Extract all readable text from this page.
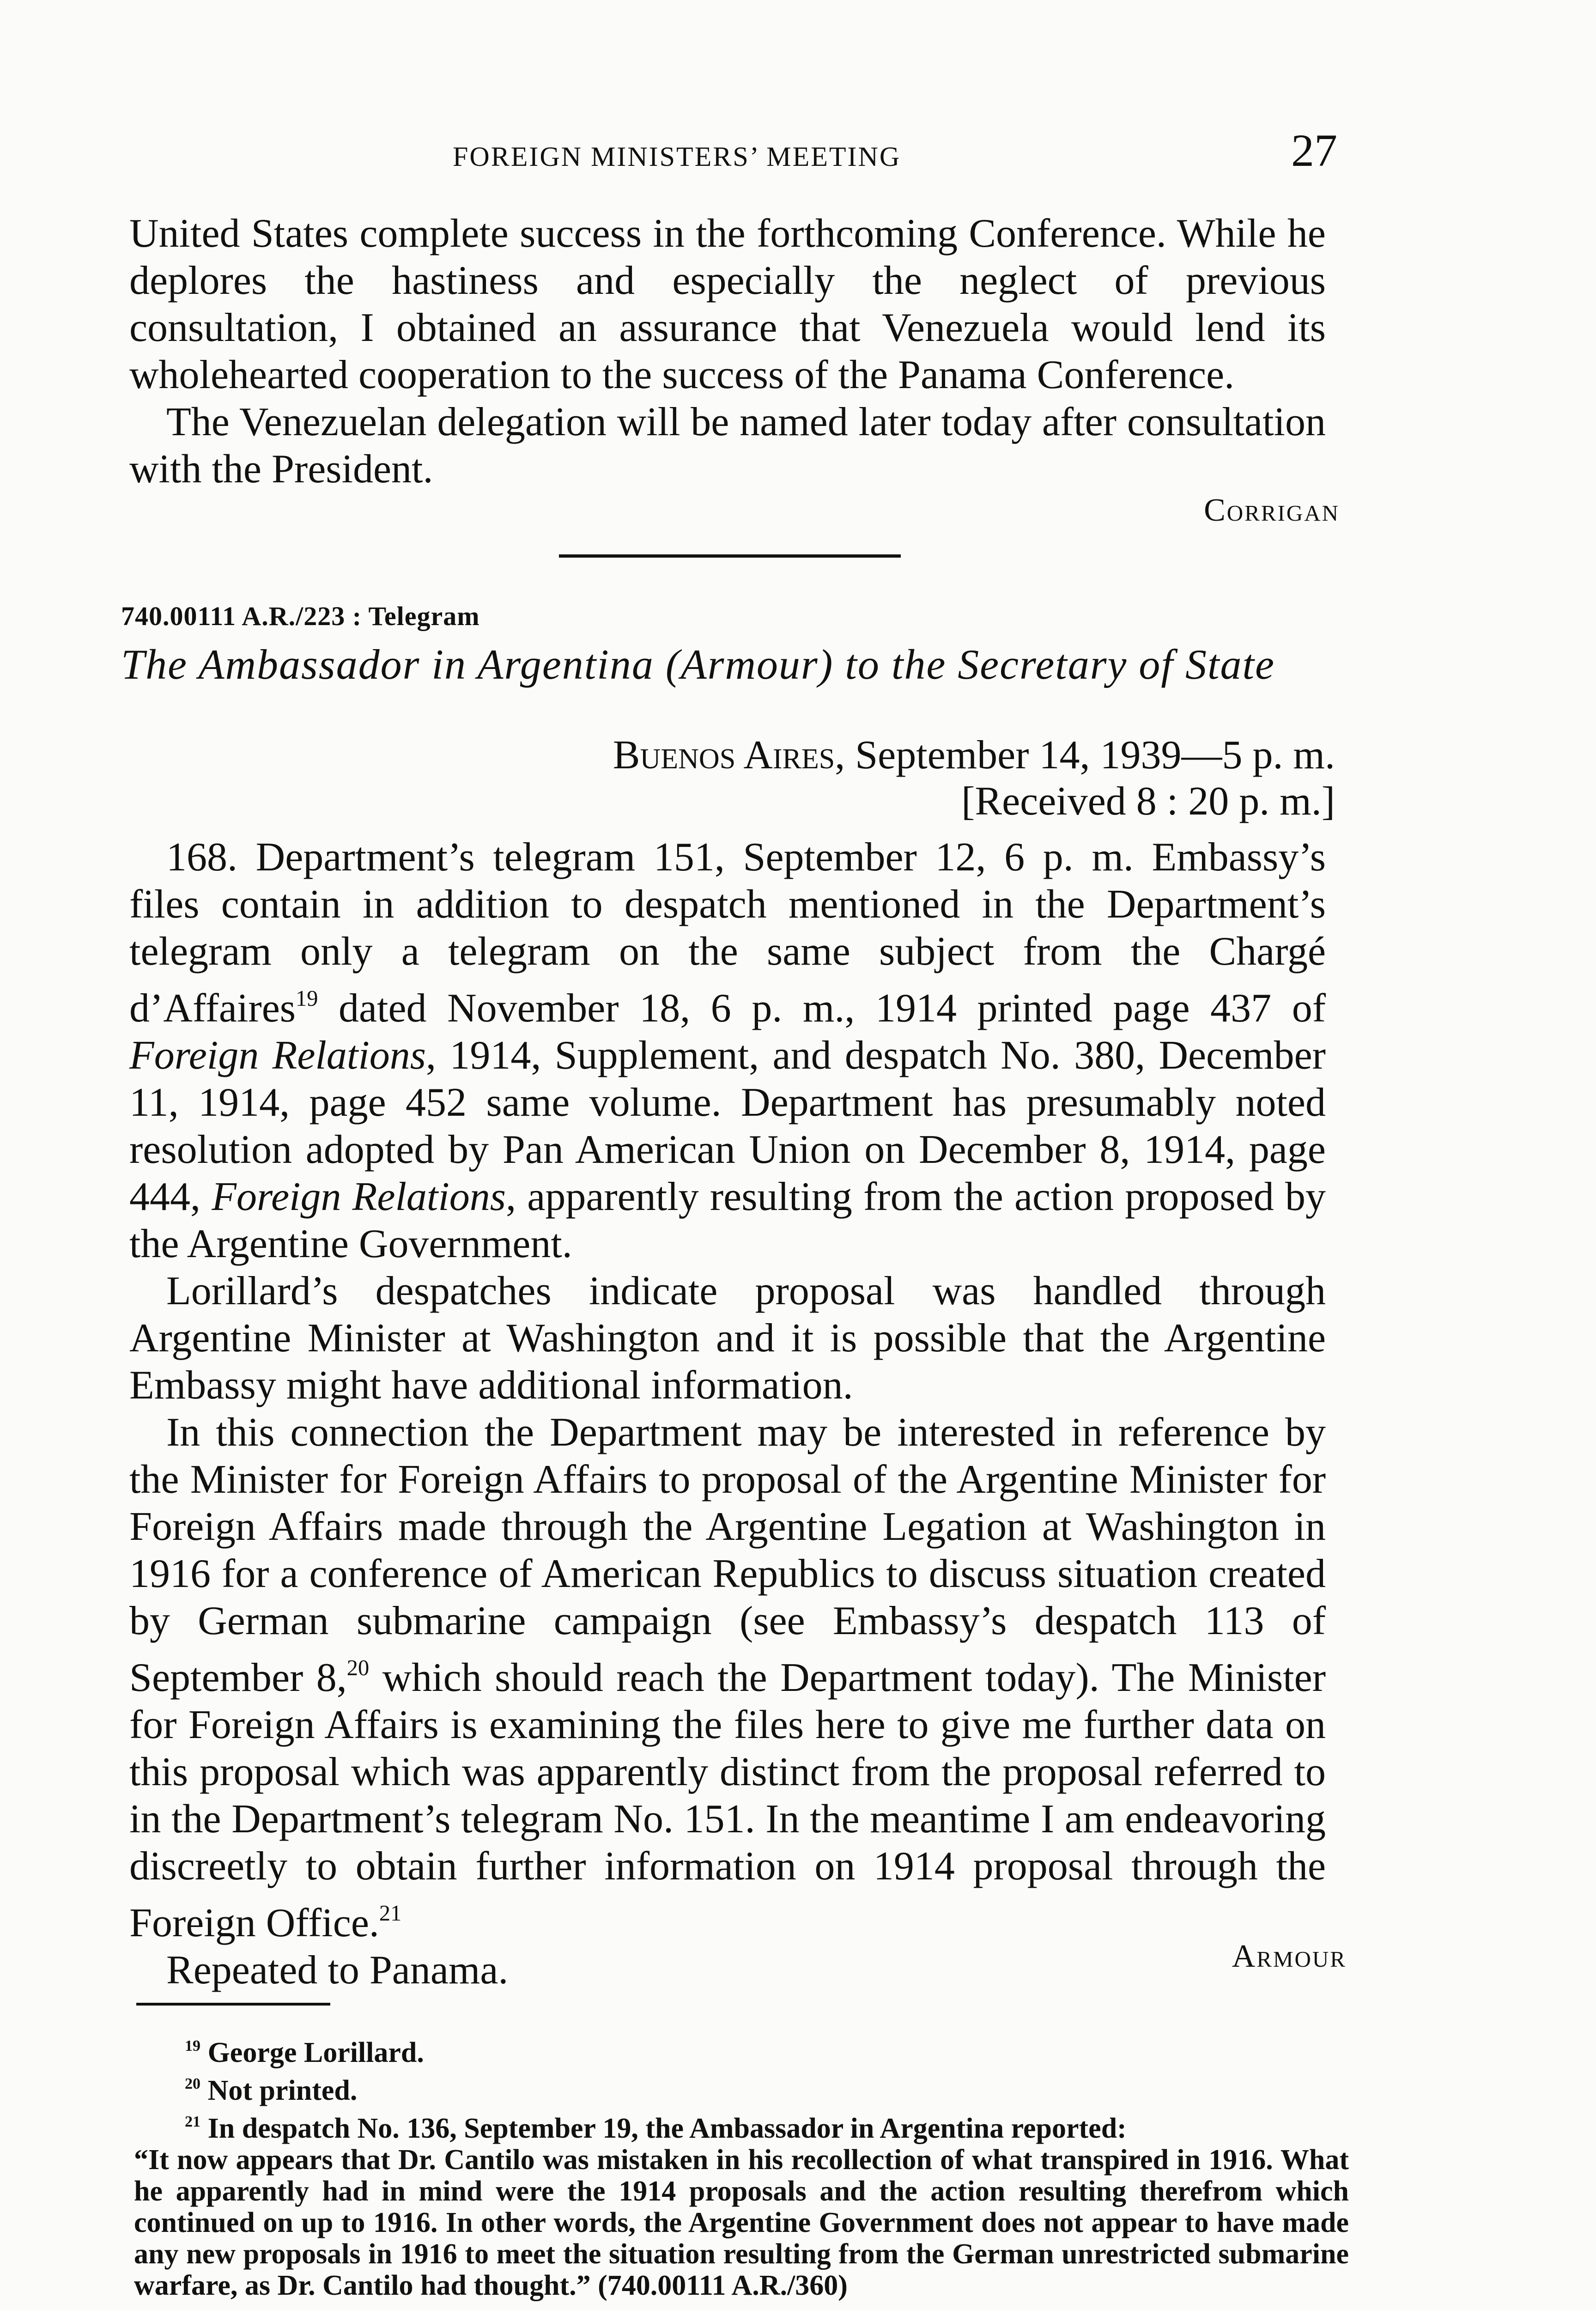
FOREIGN MINISTERS’ MEETING	27

United States complete success in the forthcoming Conference. While he deplores the hastiness and especially the neglect of previous consultation, I obtained an assurance that Venezuela would lend its wholehearted cooperation to the success of the Panama Conference.

The Venezuelan delegation will be named later today after consultation with the President.

Corrigan
740.00111 A.R./223 : Telegram
The Ambassador in Argentina (Armour) to the Secretary of State
Buenos Aires, September 14, 1939—5 p. m.
[Received 8 : 20 p. m.]

168. Department’s telegram 151, September 12, 6 p. m. Embassy’s files contain in addition to despatch mentioned in the Department’s telegram only a telegram on the same subject from the Chargé d’Affaires$^{19}$ dated November 18, 6 p. m., 1914 printed page 437 of Foreign Relations, 1914, Supplement, and despatch No. 380, December 11, 1914, page 452 same volume. Department has presumably noted resolution adopted by Pan American Union on December 8, 1914, page 444, Foreign Relations, apparently resulting from the action proposed by the Argentine Government.

Lorillard’s despatches indicate proposal was handled through Argentine Minister at Washington and it is possible that the Argentine Embassy might have additional information.

In this connection the Department may be interested in reference by the Minister for Foreign Affairs to proposal of the Argentine Minister for Foreign Affairs made through the Argentine Legation at Washington in 1916 for a conference of American Republics to discuss situation created by German submarine campaign (see Embassy’s despatch 113 of September 8,20 which should reach the Department today). The Minister for Foreign Affairs is examining the files here to give me further data on this proposal which was apparently distinct from the proposal referred to in the Department’s telegram No. 151. In the meantime I am endeavoring discreetly to obtain further information on 1914 proposal through the Foreign Office.$^{21}$

Repeated to Panama.	Armour

$^{19}$ George Lorillard.

$^{20}$ Not printed.

$^{21}$ In despatch No. 136, September 19, the Ambassador in Argentina reported:

“It now appears that Dr. Cantilo was mistaken in his recollection of what transpired in 1916. What he apparently had in mind were the 1914 proposals and the action resulting therefrom which continued on up to 1916. In other words, the Argentine Government does not appear to have made any new proposals in 1916 to meet the situation resulting from the German unrestricted submarine warfare, as Dr. Cantilo had thought.” (740.00111 A.R./360)
